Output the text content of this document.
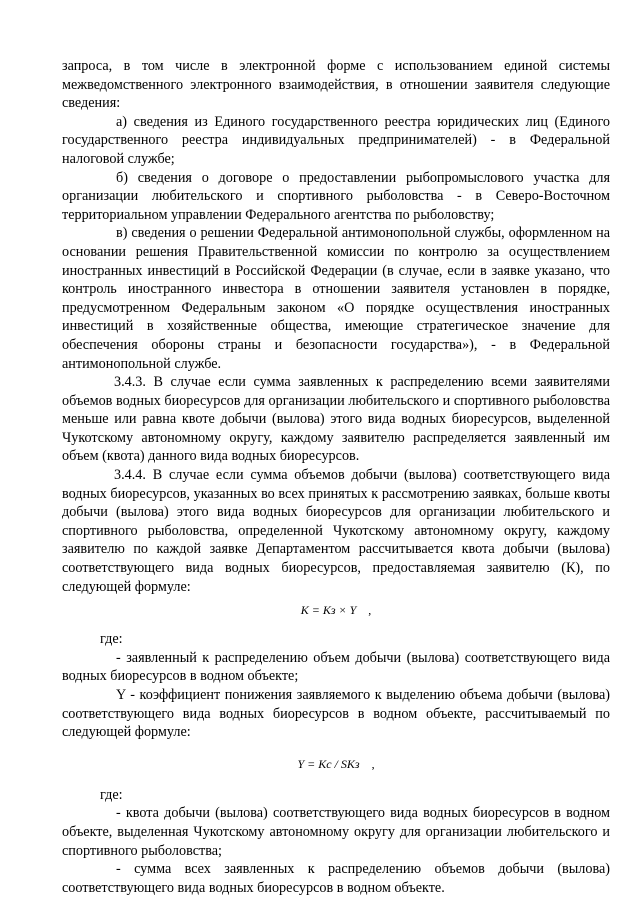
запроса, в том числе в электронной форме с использованием единой системы межведомственного электронного взаимодействия, в отношении заявителя следующие сведения:

а) сведения из Единого государственного реестра юридических лиц (Единого государственного реестра индивидуальных предпринимателей) - в Федеральной налоговой службе;

б) сведения о договоре о предоставлении рыбопромыслового участка для организации любительского и спортивного рыболовства - в Северо-Восточном территориальном управлении Федерального агентства по рыболовству;

в) сведения о решении Федеральной антимонопольной службы, оформленном на основании решения Правительственной комиссии по контролю за осуществлением иностранных инвестиций в Российской Федерации (в случае, если в заявке указано, что контроль иностранного инвестора в отношении заявителя установлен в порядке, предусмотренном Федеральным законом «О порядке осуществления иностранных инвестиций в хозяйственные общества, имеющие стратегическое значение для обеспечения обороны страны и безопасности государства»), - в Федеральной антимонопольной службе.

3.4.3. В случае если сумма заявленных к распределению всеми заявителями объемов водных биоресурсов для организации любительского и спортивного рыболовства меньше или равна квоте добычи (вылова) этого вида водных биоресурсов, выделенной Чукотскому автономному округу, каждому заявителю распределяется заявленный им объем (квота) данного вида водных биоресурсов.

3.4.4. В случае если сумма объемов добычи (вылова) соответствующего вида водных биоресурсов, указанных во всех принятых к рассмотрению заявках, больше квоты добычи (вылова) этого вида водных биоресурсов для организации любительского и спортивного рыболовства, определенной Чукотскому автономному округу, каждому заявителю по каждой заявке Департаментом рассчитывается квота добычи (вылова) соответствующего вида водных биоресурсов, предоставляемая заявителю (К), по следующей формуле:

K = Kз × Y ,

где:

- заявленный к распределению объем добычи (вылова) соответствующего вида водных биоресурсов в водном объекте;

Y - коэффициент понижения заявляемого к выделению объема добычи (вылова) соответствующего вида водных биоресурсов в водном объекте, рассчитываемый по следующей формуле:

Y = Kс / SKз ,

где:

- квота добычи (вылова) соответствующего вида водных биоресурсов в водном объекте, выделенная Чукотскому автономному округу для организации любительского и спортивного рыболовства;

- сумма всех заявленных к распределению объемов добычи (вылова) соответствующего вида водных биоресурсов в водном объекте.
